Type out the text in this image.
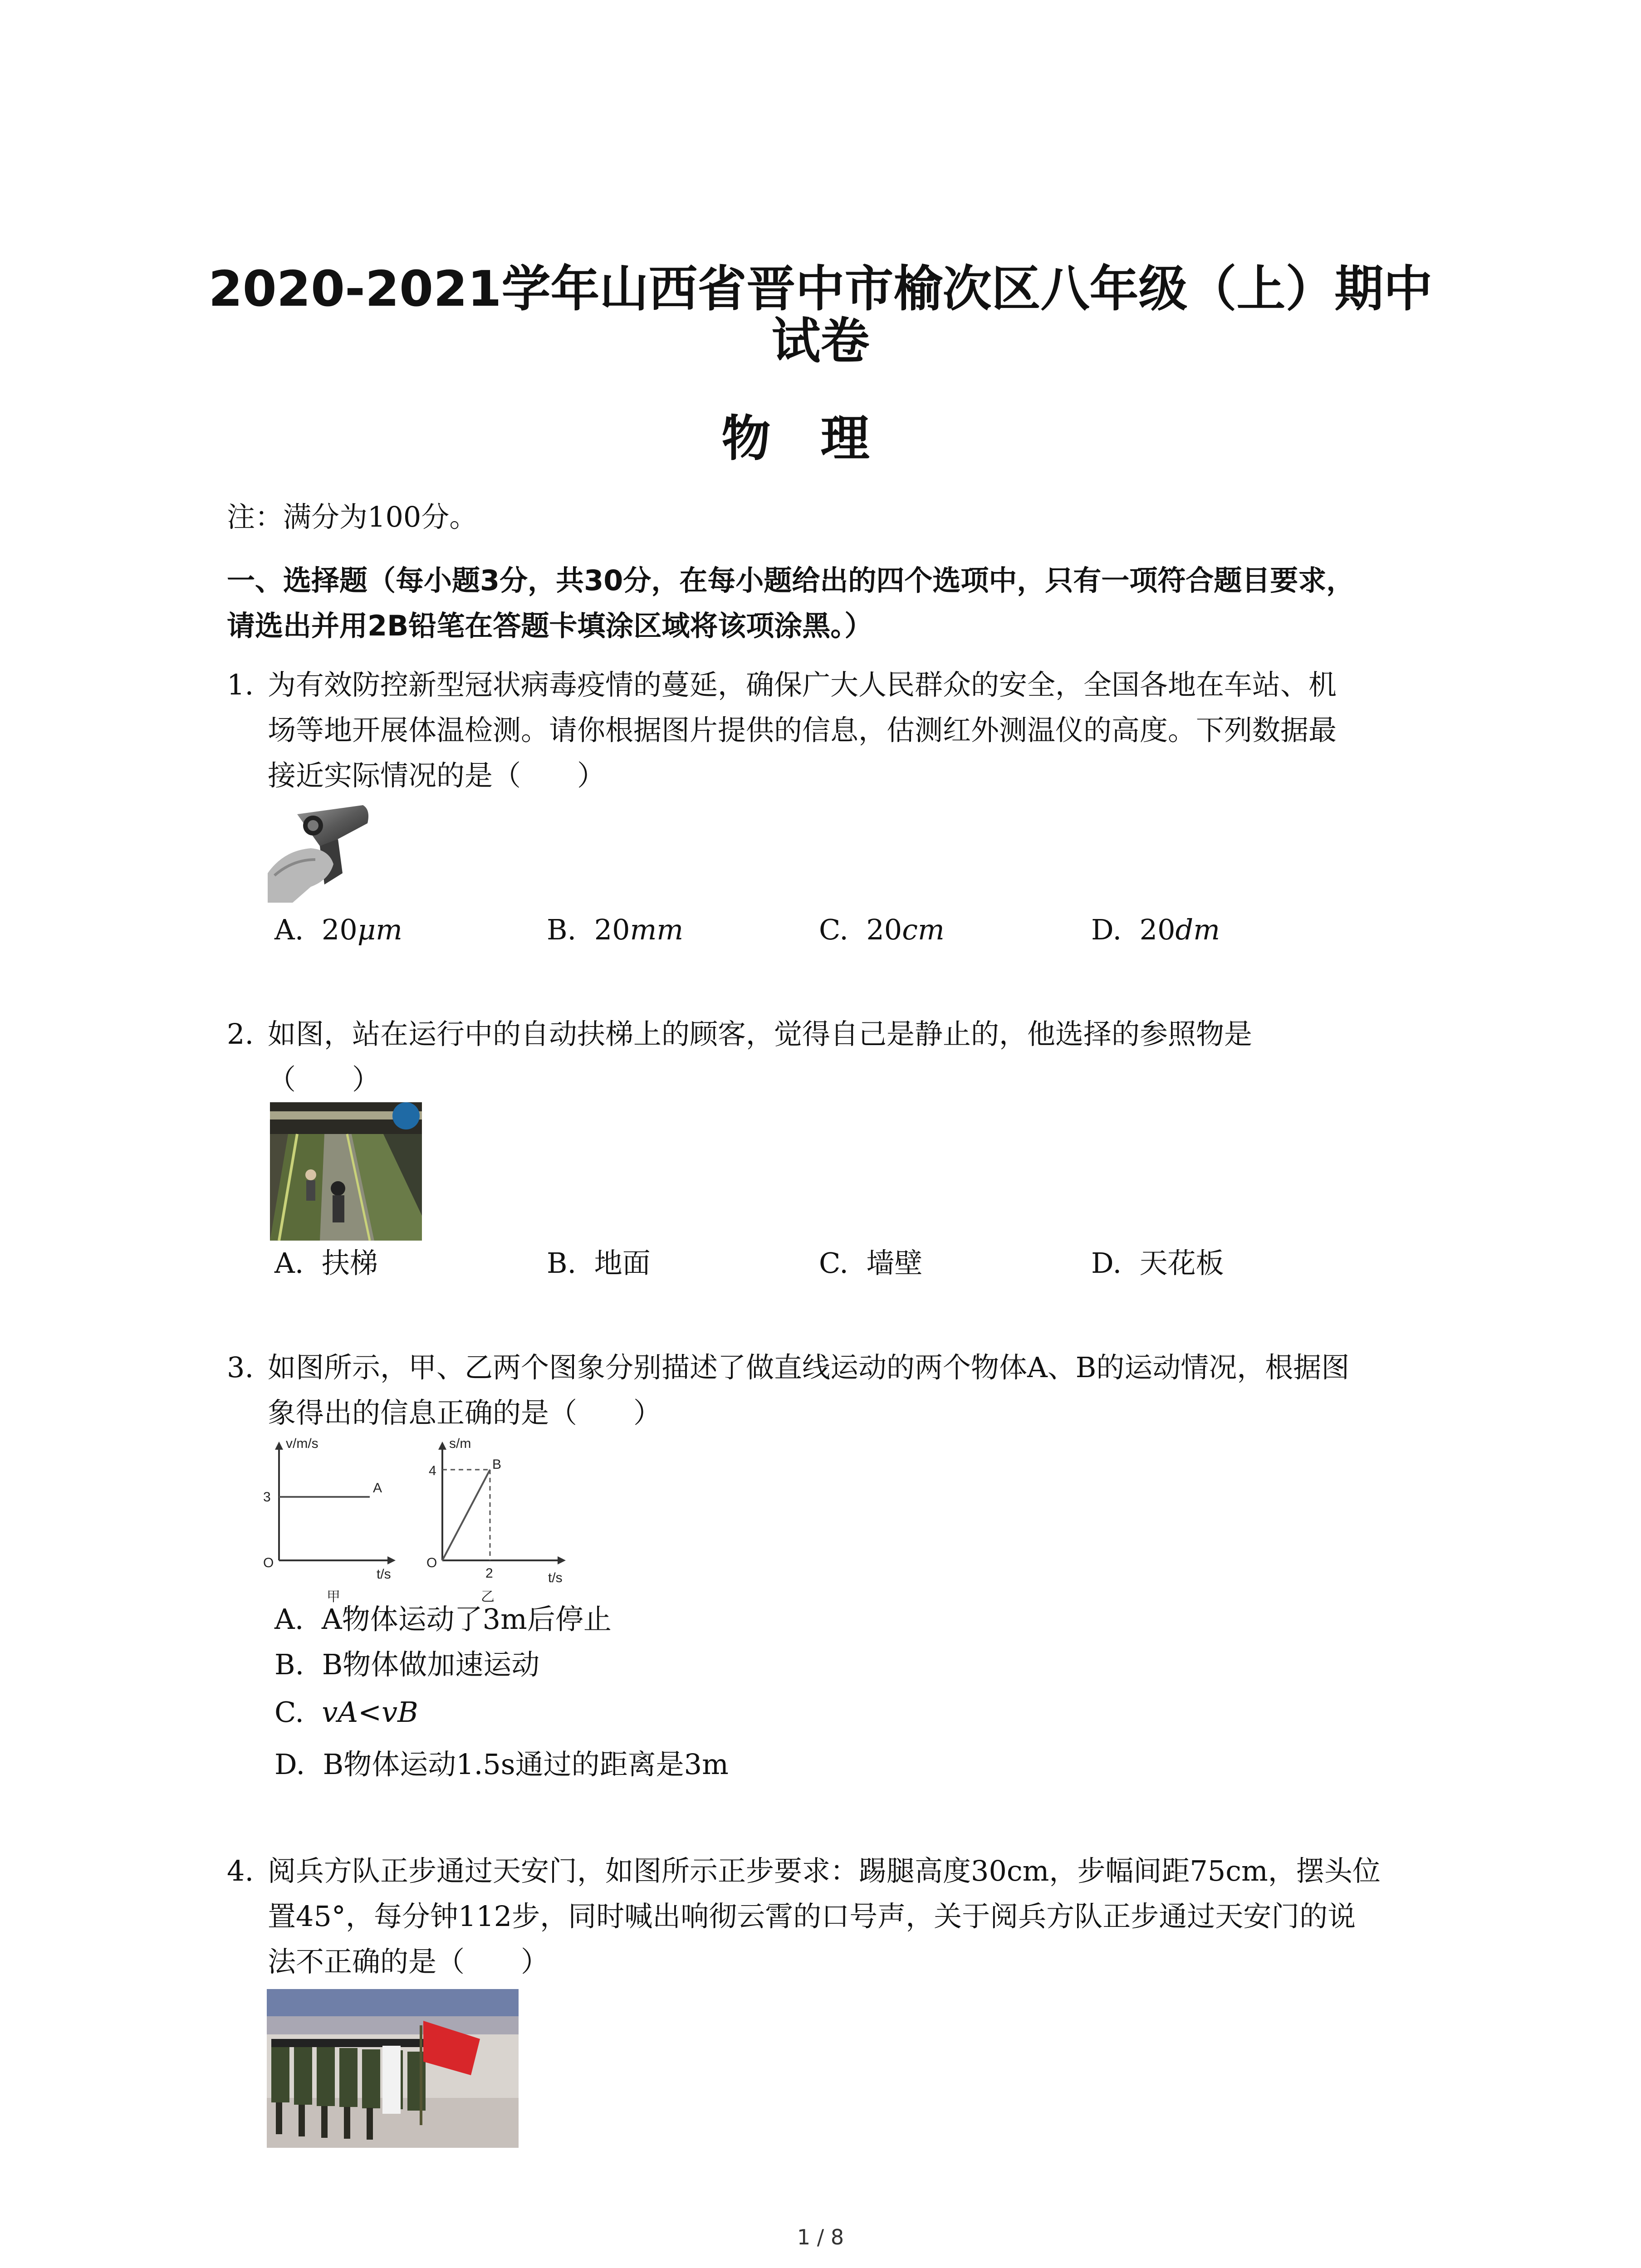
2020-2021学年山西省晋中市榆次区八年级（上）期中
试卷
物理
注：满分为100分。
一、选择题（每小题3分，共30分，在每小题给出的四个选项中，只有一项符合题目要求，
请选出并用2B铅笔在答题卡填涂区域将该项涂黑。）
1. 为有效防控新型冠状病毒疫情的蔓延，确保广大人民群众的安全，全国各地在车站、机
场等地开展体温检测。请你根据图片提供的信息，估测红外测温仪的高度。下列数据最
接近实际情况的是（　　）
A. 20μm	B. 20mm	C. 20cm	D. 20dm
2. 如图，站在运行中的自动扶梯上的顾客，觉得自己是静止的，他选择的参照物是
（　　）
A. 扶梯	B. 地面	C. 墙壁	D. 天花板
3. 如图所示，甲、乙两个图象分别描述了做直线运动的两个物体A、B的运动情况，根据图
象得出的信息正确的是（　　）
v/m/s
3
A
O
t/s
甲
s/m
4	B
O
2	t/s
乙
A. A物体运动了3m后停止
B. B物体做加速运动
C. vA<vB
D. B物体运动1.5s通过的距离是3m
4. 阅兵方队正步通过天安门，如图所示正步要求：踢腿高度30cm，步幅间距75cm，摆头位
置45°，每分钟112步，同时喊出响彻云霄的口号声，关于阅兵方队正步通过天安门的说
法不正确的是（　　）
1 / 8
